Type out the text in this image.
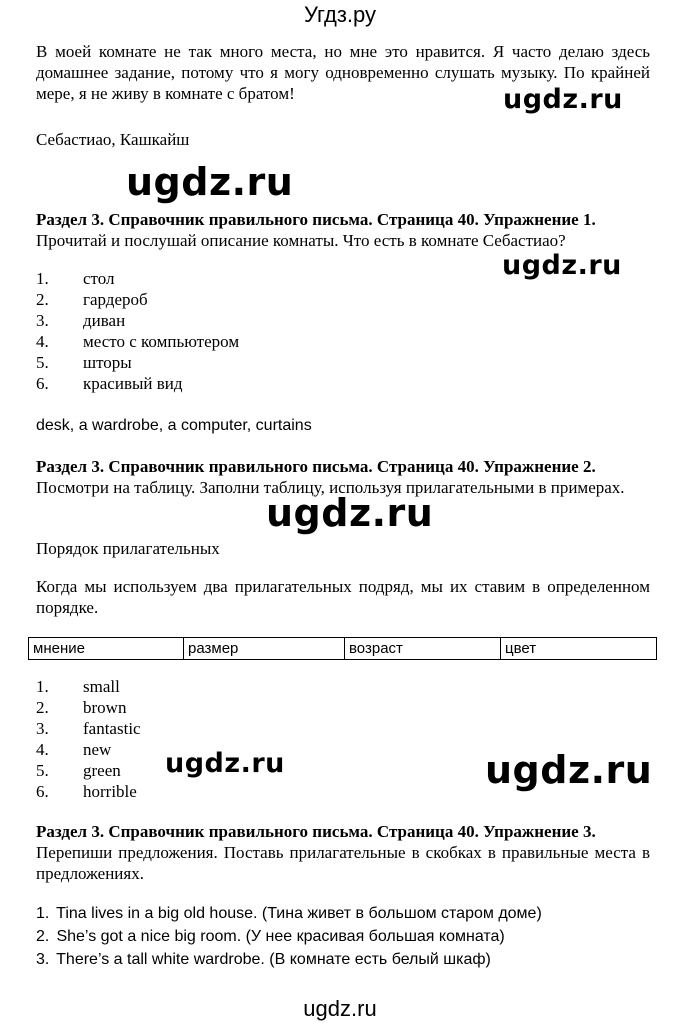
Угдз.ру
В моей комнате не так много места, но мне это нравится. Я часто делаю здесь домашнее задание, потому что я могу одновременно слушать музыку. По крайней мере, я не живу в комнате с братом!
Себастиао, Кашкайш
Раздел 3. Справочник правильного письма. Страница 40. Упражнение 1.
Прочитай и послушай описание комнаты. Что есть в комнате Себастиао?
1. стол
2. гардероб
3. диван
4. место с компьютером
5. шторы
6. красивый вид
desk, a wardrobe, a computer, curtains
Раздел 3. Справочник правильного письма. Страница 40. Упражнение 2.
Посмотри на таблицу. Заполни таблицу, используя прилагательными в примерах.
Порядок прилагательных
Когда мы используем два прилагательных подряд, мы их ставим в определенном порядке.
мнение	размер	возраст	цвет
1. small
2. brown
3. fantastic
4. new
5. green
6. horrible
Раздел 3. Справочник правильного письма. Страница 40. Упражнение 3.
Перепиши предложения. Поставь прилагательные в скобках в правильные места в предложениях.
1. Tina lives in a big old house. (Тина живет в большом старом доме)
2. She’s got a nice big room. (У нее красивая большая комната)
3. There’s a tall white wardrobe. (В комнате есть белый шкаф)
ugdz.ru
ugdz.ru
ugdz.ru
ugdz.ru
ugdz.ru	ugdz.ru
ugdz.ru
